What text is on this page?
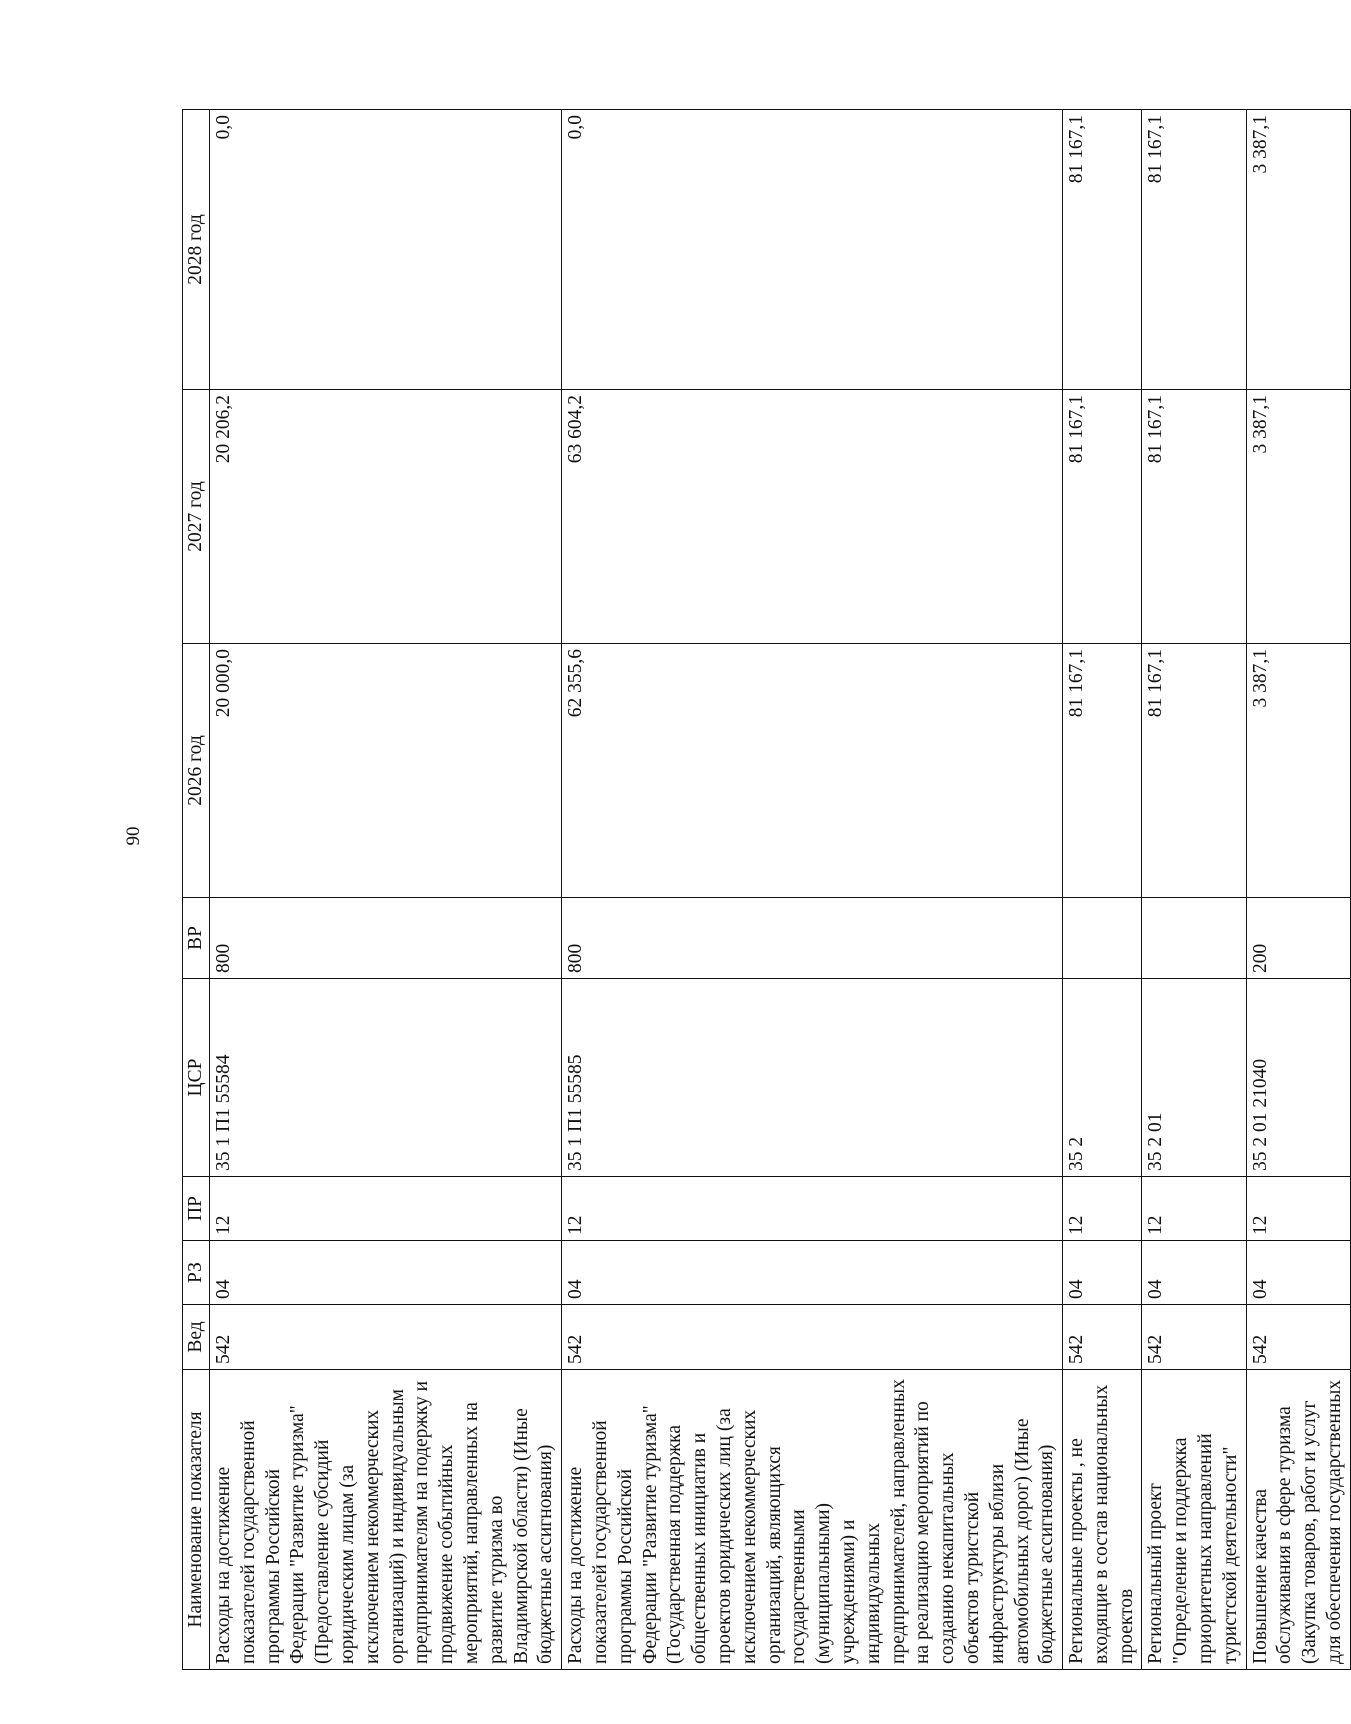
90
Наименование показателя	Вед	РЗ	ПР	ЦСР	ВР	2026 год	2027 год	2028 год
Расходы на достижение показателей государственной программы Российской Федерации "Развитие туризма" (Предоставление субсидий юридическим лицам (за исключением некоммерческих организаций) и индивидуальным предпринимателям на подержку и продвижение событийных мероприятий, направленных на развитие туризма во Владимирской области) (Иные бюджетные ассигнования)	542	04	12	35 1 П1 55584	800	20 000,0	20 206,2	0,0
Расходы на достижение показателей государственной программы Российской Федерации "Развитие туризма" (Государственная поддержка общественных инициатив и проектов юридических лиц (за исключением некоммерческих организаций, являющихся государственными (муниципальными) учреждениями) и индивидуальных предпринимателей, направленных на реализацию мероприятий по созданию некапитальных объектов туристской инфраструктуры вблизи автомобильных дорог) (Иные бюджетные ассигнования)	542	04	12	35 1 П1 55585	800	62 355,6	63 604,2	0,0
Региональные проекты , не входящие в состав национальных проектов	542	04	12	35 2		81 167,1	81 167,1	81 167,1
Региональный проект "Определение и поддержка приоритетных направлений туристской деятельности"	542	04	12	35 2 01		81 167,1	81 167,1	81 167,1
Повышение качества обслуживания в сфере туризма (Закупка товаров, работ и услуг для обеспечения государственных	542	04	12	35 2 01 21040	200	3 387,1	3 387,1	3 387,1
